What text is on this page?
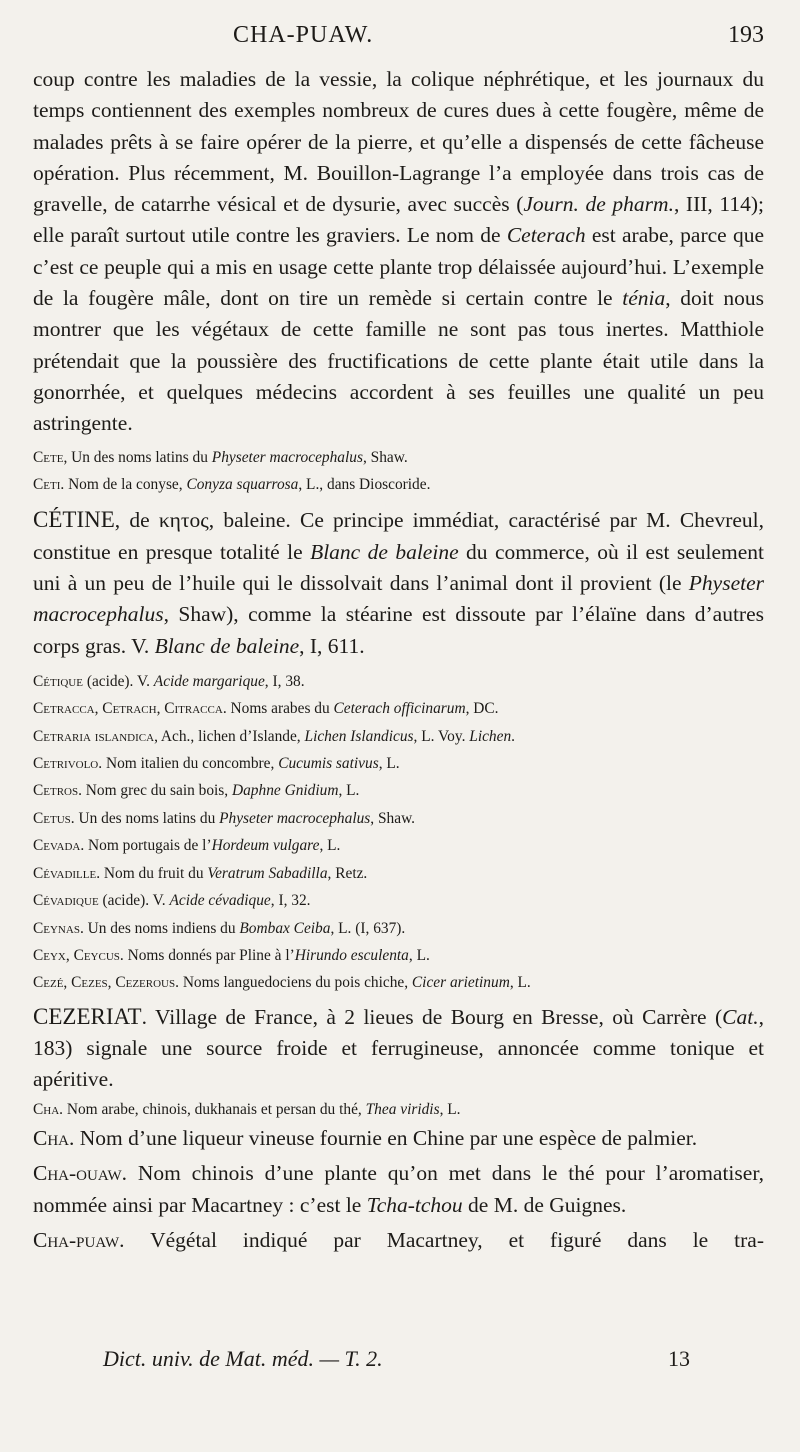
CHA-PUAW.	193

coup contre les maladies de la vessie, la colique néphrétique, et les journaux du temps contiennent des exemples nombreux de cures dues à cette fougère, même de malades prêts à se faire opérer de la pierre, et qu’elle a dispensés de cette fâcheuse opération. Plus récemment, M. Bouillon-Lagrange l’a employée dans trois cas de gravelle, de catarrhe vésical et de dysurie, avec succès (Journ. de pharm., III, 114); elle paraît surtout utile contre les graviers. Le nom de Ceterach est arabe, parce que c’est ce peuple qui a mis en usage cette plante trop délaissée aujourd’hui. L’exemple de la fougère mâle, dont on tire un remède si certain contre le ténia, doit nous montrer que les végétaux de cette famille ne sont pas tous inertes. Matthiole prétendait que la poussière des fructifications de cette plante était utile dans la gonorrhée, et quelques médecins accordent à ses feuilles une qualité un peu astringente.

Cete, Un des noms latins du Physeter macrocephalus, Shaw.

Ceti. Nom de la conyse, Conyza squarrosa, L., dans Dioscoride.

CÉTINE, de κητος, baleine. Ce principe immédiat, caractérisé par M. Chevreul, constitue en presque totalité le Blanc de baleine du commerce, où il est seulement uni à un peu de l’huile qui le dissolvait dans l’animal dont il provient (le Physeter macrocephalus, Shaw), comme la stéarine est dissoute par l’élaïne dans d’autres corps gras. V. Blanc de baleine, I, 611.

Cétique (acide). V. Acide margarique, I, 38.

Cetracca, Cetrach, Citracca. Noms arabes du Ceterach officinarum, DC.

Cetraria islandica, Ach., lichen d’Islande, Lichen Islandicus, L. Voy. Lichen.

Cetrivolo. Nom italien du concombre, Cucumis sativus, L.

Cetros. Nom grec du sain bois, Daphne Gnidium, L.

Cetus. Un des noms latins du Physeter macrocephalus, Shaw.

Cevada. Nom portugais de l’Hordeum vulgare, L.

Cévadille. Nom du fruit du Veratrum Sabadilla, Retz.

Cévadique (acide). V. Acide cévadique, I, 32.

Ceynas. Un des noms indiens du Bombax Ceiba, L. (I, 637).

Ceyx, Ceycus. Noms donnés par Pline à l’Hirundo esculenta, L.

Cezé, Cezes, Cezerous. Noms languedociens du pois chiche, Cicer arietinum, L.

CEZERIAT. Village de France, à 2 lieues de Bourg en Bresse, où Carrère (Cat., 183) signale une source froide et ferrugineuse, annoncée comme tonique et apéritive.

Cha. Nom arabe, chinois, dukhanais et persan du thé, Thea viridis, L.

Cha. Nom d’une liqueur vineuse fournie en Chine par une espèce de palmier.

Cha-ouaw. Nom chinois d’une plante qu’on met dans le thé pour l’aromatiser, nommée ainsi par Macartney : c’est le Tcha-tchou de M. de Guignes.

Cha-puaw. Végétal indiqué par Macartney, et figuré dans le tra-

Dict. univ. de Mat. méd. — T. 2.	13
